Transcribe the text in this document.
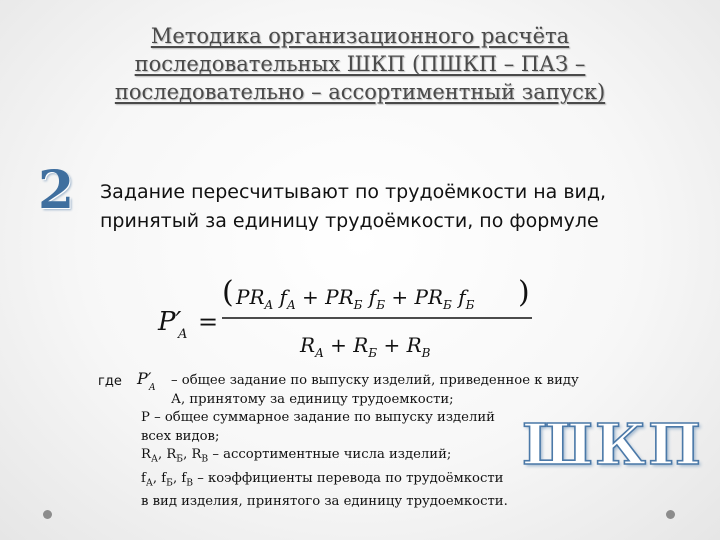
Методика организационного расчёта
последовательных ШКП (ПШКП – ПАЗ –
последовательно – ассортиментный запуск)
2 Задание пересчитывают по трудоёмкости на вид,
принятый за единицу трудоёмкости, по формуле
P′
A =
( $PR_A$ $f_A + PR_Б$ $f_Б + PR_Б$ $f_Б$ )
$R_A + R_Б + R_B$
где P′
A	– общее задание по выпуску изделий, приведенное к виду
А, принятому за единицу трудоемкости;
Р – общее суммарное задание по выпуску изделий
всех видов;
$R_А$, $R_Б$, $R_В$ – ассортиментные числа изделий;
$f_А$, $f_Б$, $f_В$ – коэффициенты перевода по трудоёмкости
в вид изделия, принятого за единицу трудоемкости.
ШКП
